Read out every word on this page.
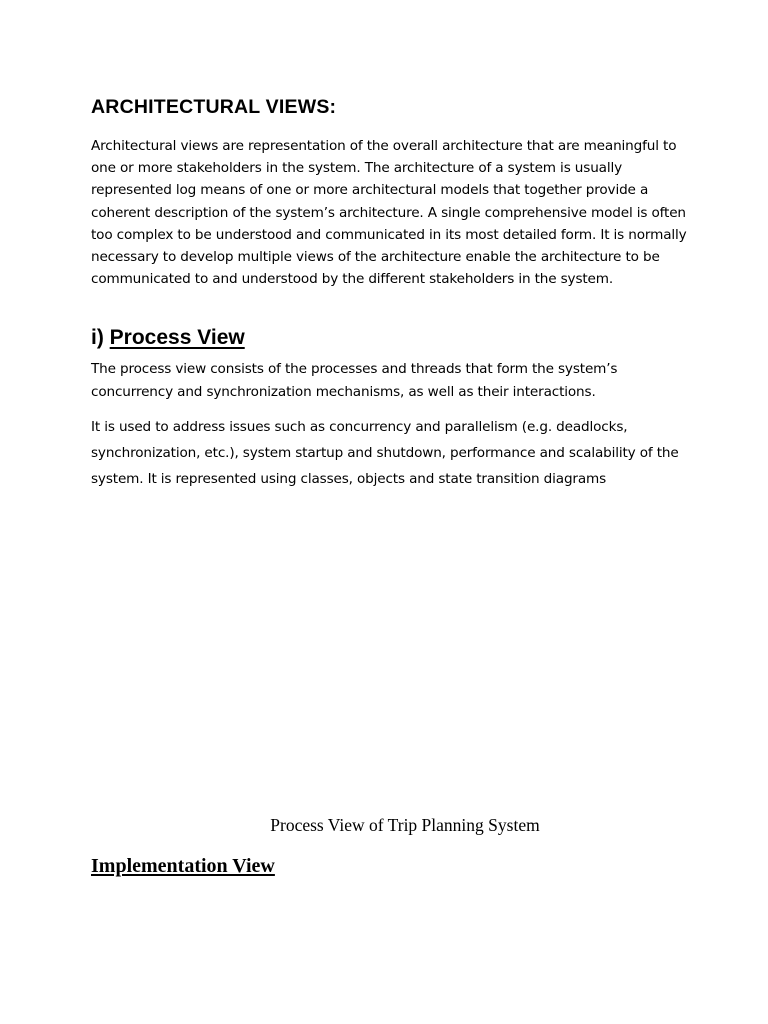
ARCHITECTURAL VIEWS:

Architectural views are representation of the overall architecture that are meaningful to one or more stakeholders in the system. The architecture of a system is usually represented log means of one or more architectural models that together provide a coherent description of the system’s architecture. A single comprehensive model is often too complex to be understood and communicated in its most detailed form. It is normally necessary to develop multiple views of the architecture enable the architecture to be communicated to and understood by the different stakeholders in the system.

i) Process View

The process view consists of the processes and threads that form the system’s concurrency and synchronization mechanisms, as well as their interactions.

It is used to address issues such as concurrency and parallelism (e.g. deadlocks, synchronization, etc.), system startup and shutdown, performance and scalability of the system. It is represented using classes, objects and state transition diagrams

Process View of Trip Planning System

Implementation View
